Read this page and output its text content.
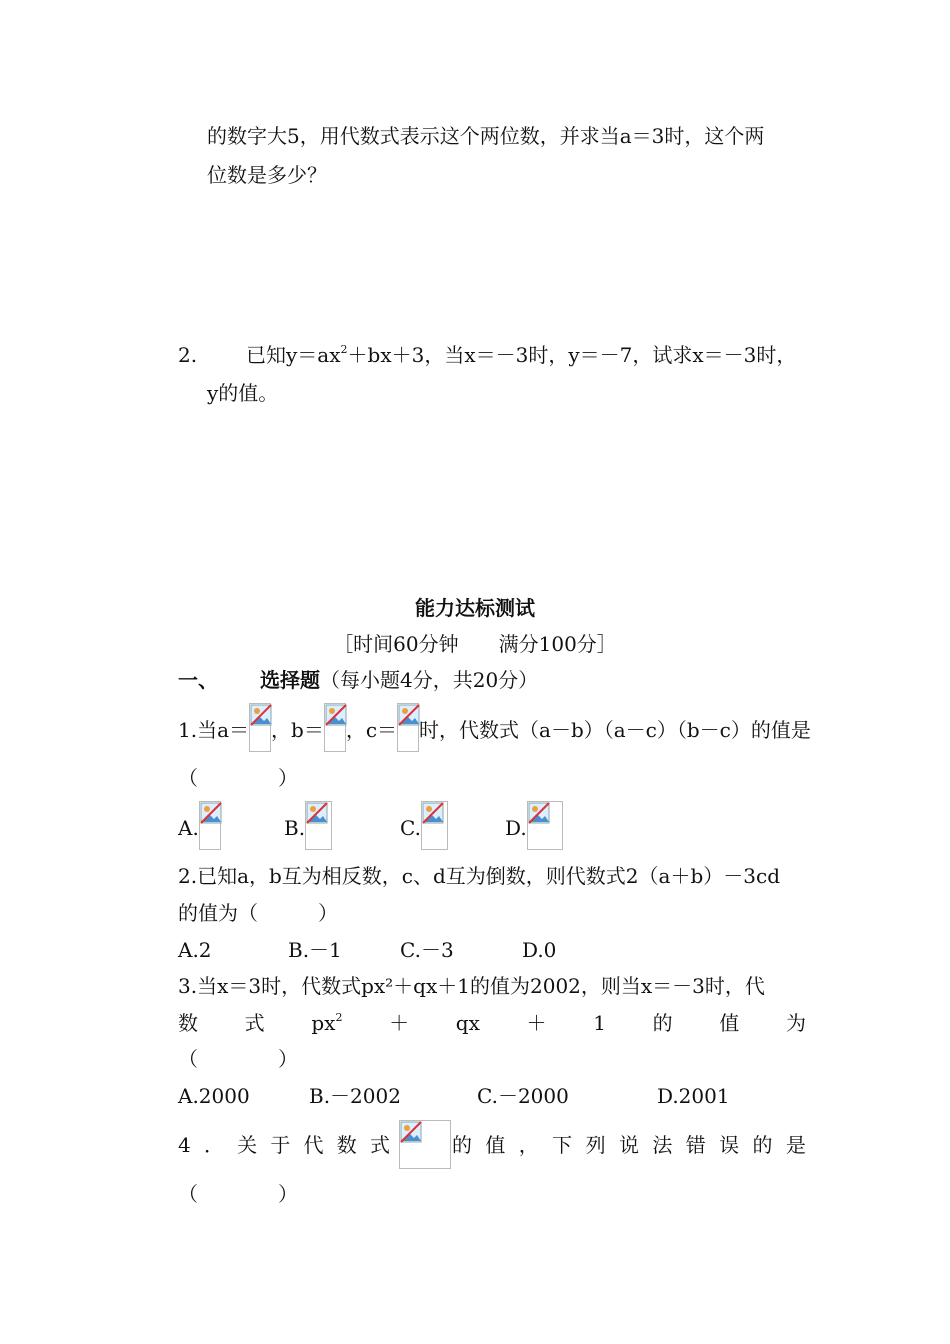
的数字大5，用代数式表示这个两位数，并求当a＝3时，这个两
位数是多少？
2. 已知$y=ax^2+bx+3$，当x＝－3时，y＝－7，试求x＝－3时，
y的值。
能力达标测试
［时间60分钟　　满分100分］
一、 选择题（每小题4分，共20分）
1.当a＝ ，b＝ ，c＝ 时，代数式（a－b）（a－c）（b－c）的值是
（　　　　）
A.	B.	C.	D.
2.已知a，b互为相反数，c、d互为倒数，则代数式2（a＋b）－3cd
的值为（　　　）
A.2	B.－1	C.－3	D.0
3.当x＝3时，代数式px²＋qx＋1的值为2002，则当x＝－3时，代
数 式 $px^2$ ＋ qx ＋ 1 的 值 为
（　　　　）
A.2000	B.－2002	C.－2000	D.2001
4 ． 关 于 代 数 式	的 值 ， 下 列 说 法 错 误 的 是
（　　　　）
